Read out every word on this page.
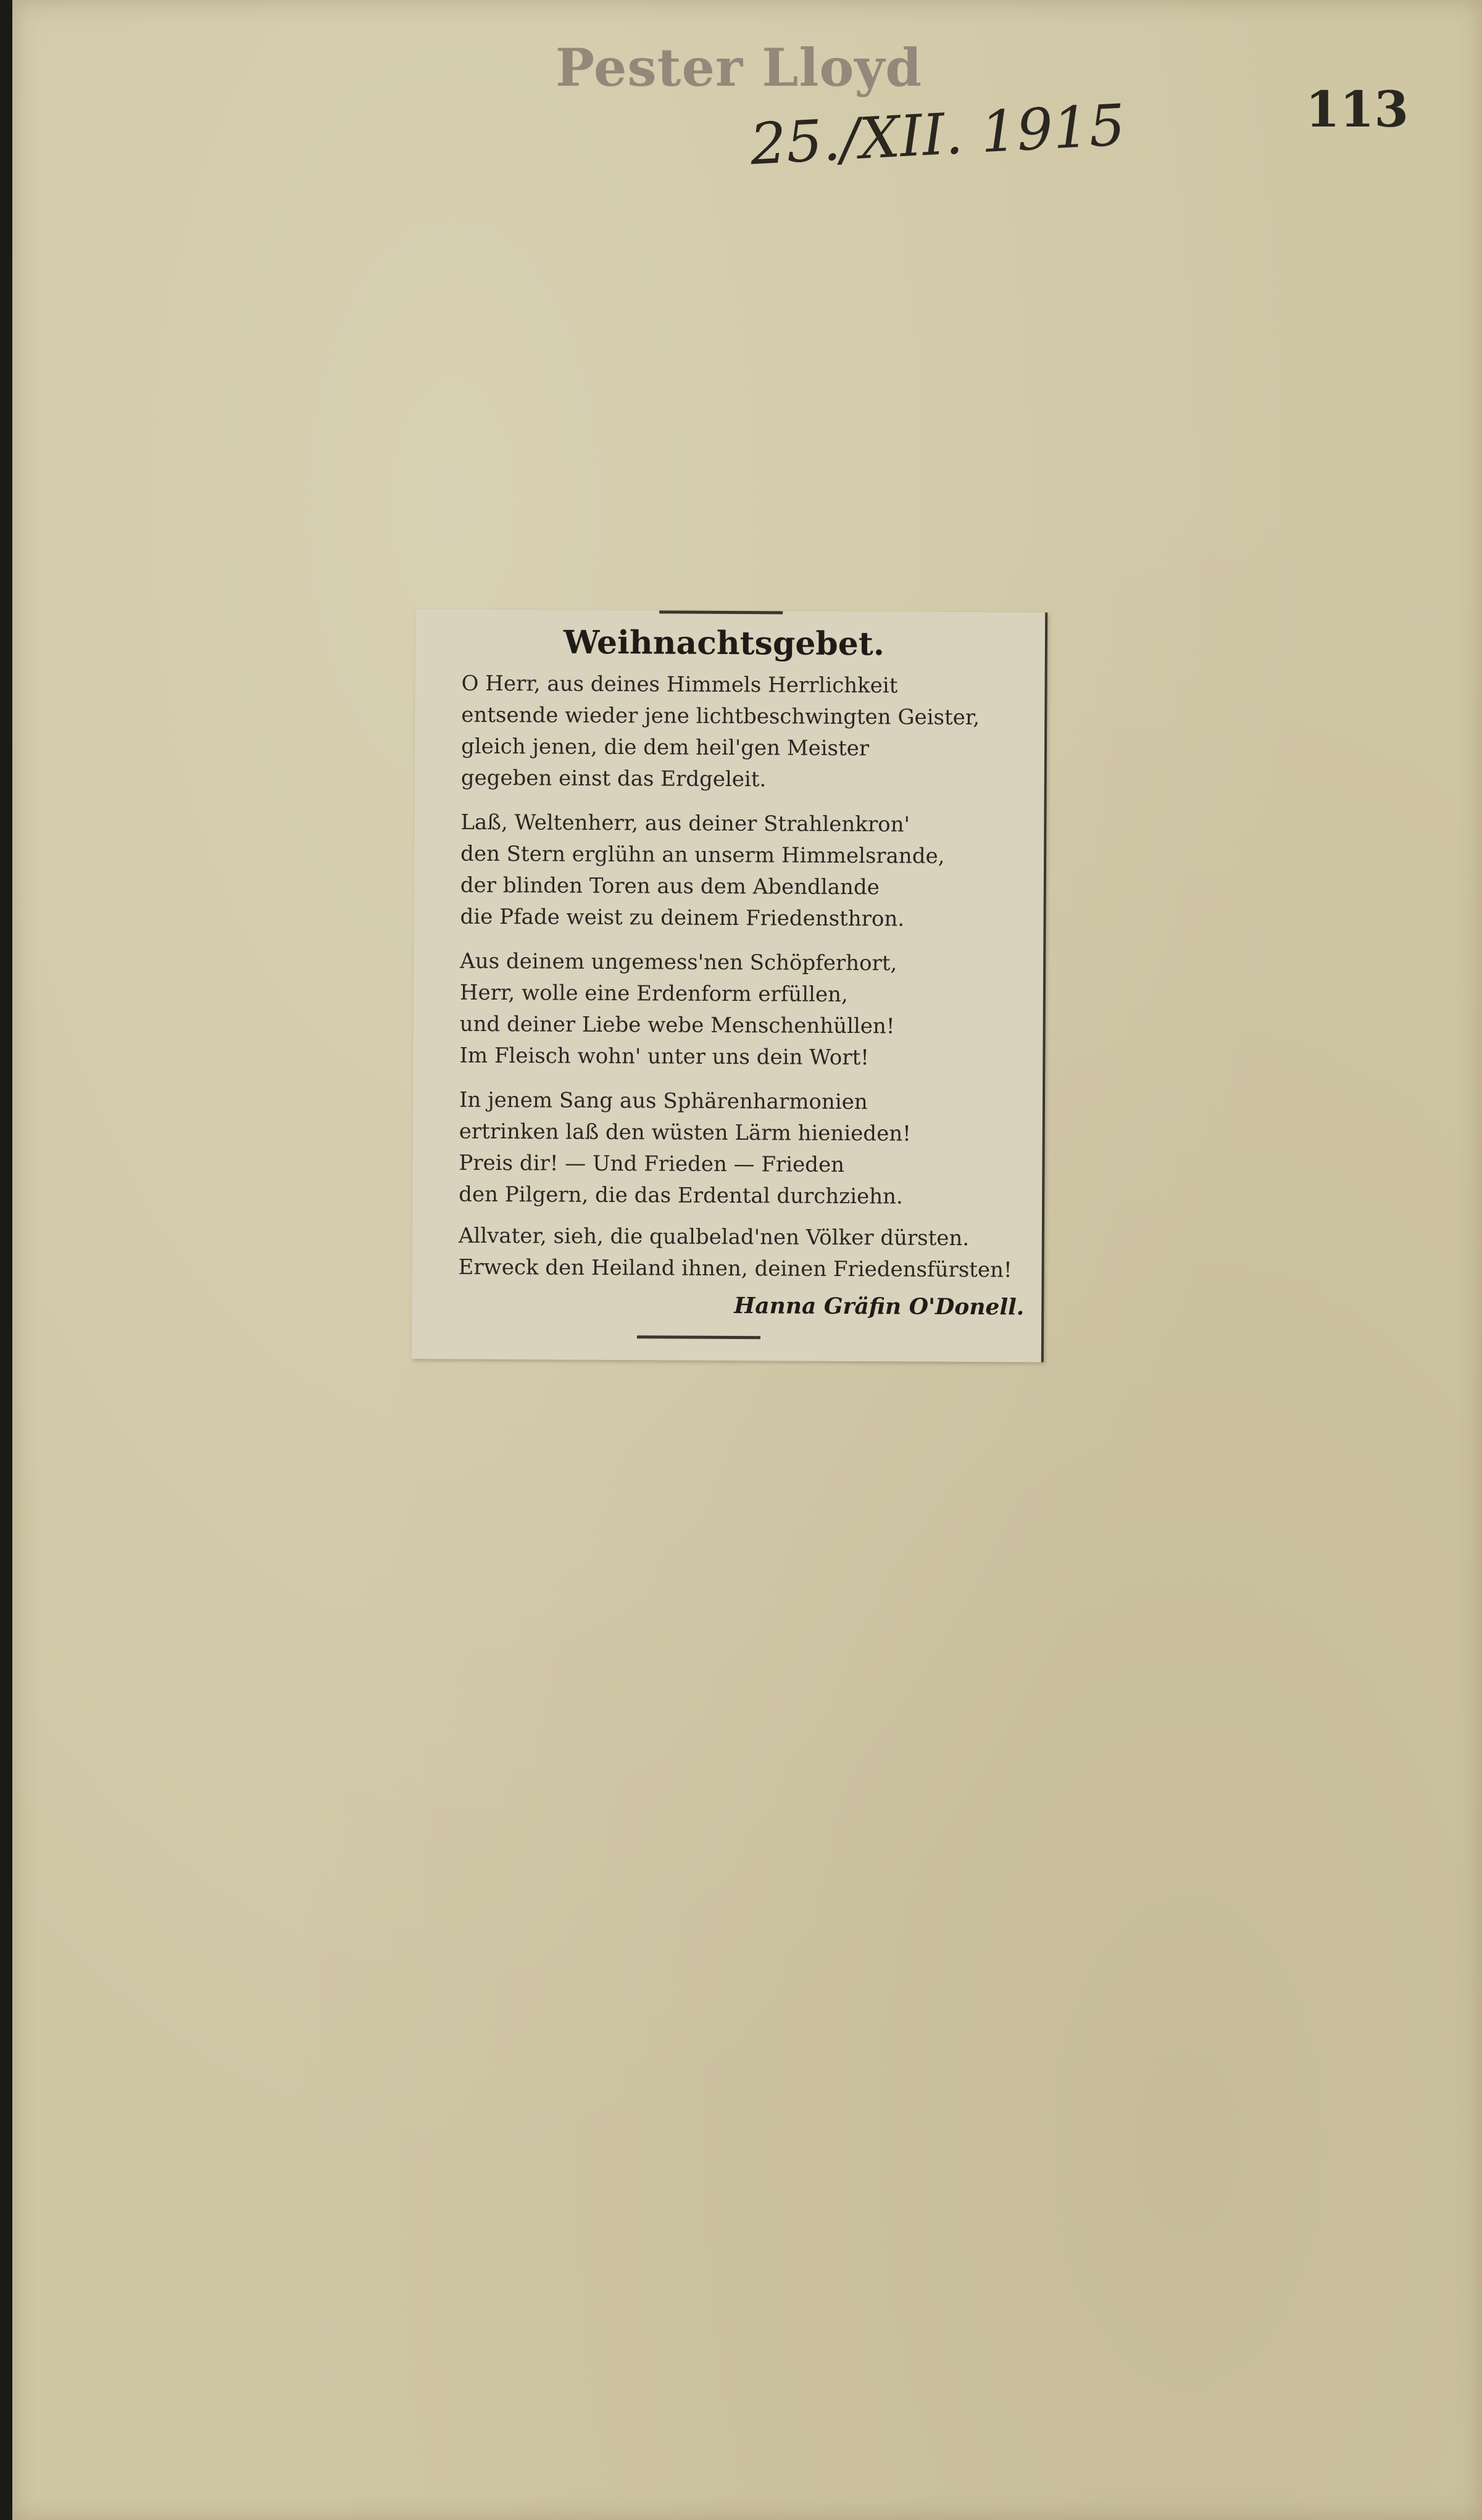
Pester Lloyd
25./XII. 1915	113
Weihnachtsgebet.
O Herr, aus deines Himmels Herrlichkeit
entsende wieder jene lichtbeschwingten Geister,
gleich jenen, die dem heil'gen Meister
gegeben einst das Erdgeleit.
Laß, Weltenherr, aus deiner Strahlenkron'
den Stern erglühn an unserm Himmelsrande,
der blinden Toren aus dem Abendlande
die Pfade weist zu deinem Friedensthron.
Aus deinem ungemess'nen Schöpferhort,
Herr, wolle eine Erdenform erfüllen,
und deiner Liebe webe Menschenhüllen!
Im Fleisch wohn' unter uns dein Wort!
In jenem Sang aus Sphärenharmonien
ertrinken laß den wüsten Lärm hienieden!
Preis dir! — Und Frieden — Frieden
den Pilgern, die das Erdental durchziehn.
Allvater, sieh, die qualbelad'nen Völker dürsten.
Erweck den Heiland ihnen, deinen Friedensfürsten!
Hanna Gräfin O'Donell.
